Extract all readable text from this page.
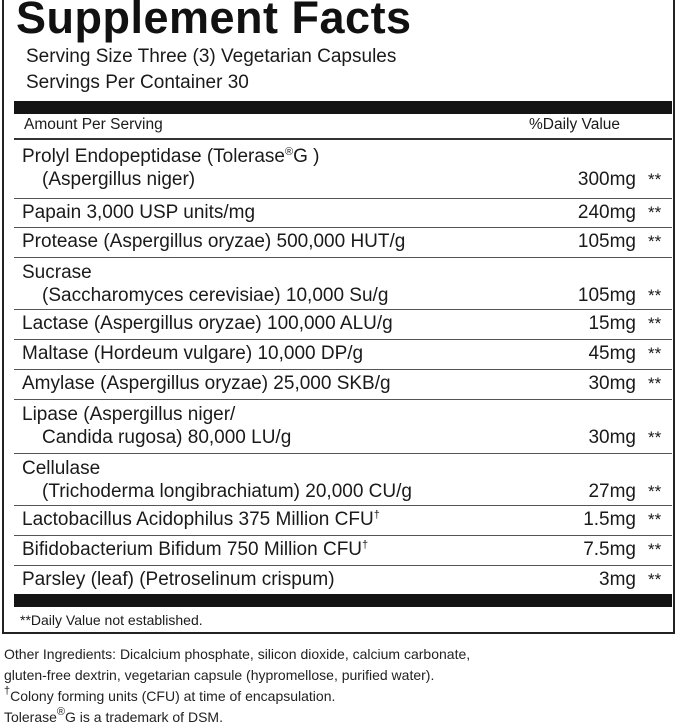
Supplement Facts
Serving Size Three (3) Vegetarian Capsules
Servings Per Container 30
Amount Per Serving	%Daily Value
Prolyl Endopeptidase (Tolerase®G )
(Aspergillus niger)	300mg **
Papain 3,000 USP units/mg	240mg **
Protease (Aspergillus oryzae) 500,000 HUT/g	105mg **
Sucrase
(Saccharomyces cerevisiae) 10,000 Su/g	105mg **
Lactase (Aspergillus oryzae) 100,000 ALU/g	15mg **
Maltase (Hordeum vulgare) 10,000 DP/g	45mg **
Amylase (Aspergillus oryzae) 25,000 SKB/g	30mg **
Lipase (Aspergillus niger/
Candida rugosa) 80,000 LU/g	30mg **
Cellulase
(Trichoderma longibrachiatum) 20,000 CU/g	27mg **
Lactobacillus Acidophilus 375 Million CFU†	1.5mg **
Bifidobacterium Bifidum 750 Million CFU†	7.5mg **
Parsley (leaf) (Petroselinum crispum)	3mg **
**Daily Value not established.
Other Ingredients: Dicalcium phosphate, silicon dioxide, calcium carbonate,
gluten-free dextrin, vegetarian capsule (hypromellose, purified water).
†Colony forming units (CFU) at time of encapsulation.
Tolerase®G is a trademark of DSM.
